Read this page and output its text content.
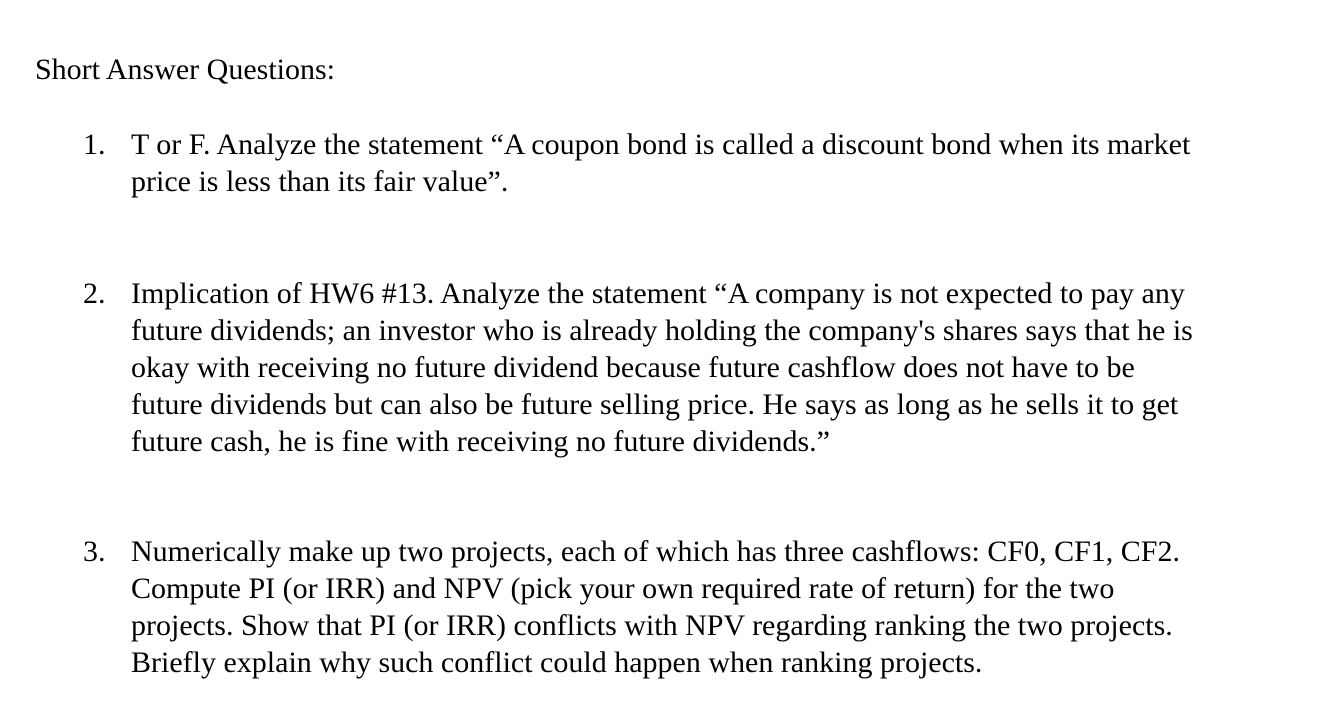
Short Answer Questions:
1. T or F. Analyze the statement “A coupon bond is called a discount bond when its market
price is less than its fair value”.
2. Implication of HW6 #13. Analyze the statement “A company is not expected to pay any
future dividends; an investor who is already holding the company's shares says that he is
okay with receiving no future dividend because future cashflow does not have to be
future dividends but can also be future selling price. He says as long as he sells it to get
future cash, he is fine with receiving no future dividends.”
3. Numerically make up two projects, each of which has three cashflows: CF0, CF1, CF2.
Compute PI (or IRR) and NPV (pick your own required rate of return) for the two
projects. Show that PI (or IRR) conflicts with NPV regarding ranking the two projects.
Briefly explain why such conflict could happen when ranking projects.
